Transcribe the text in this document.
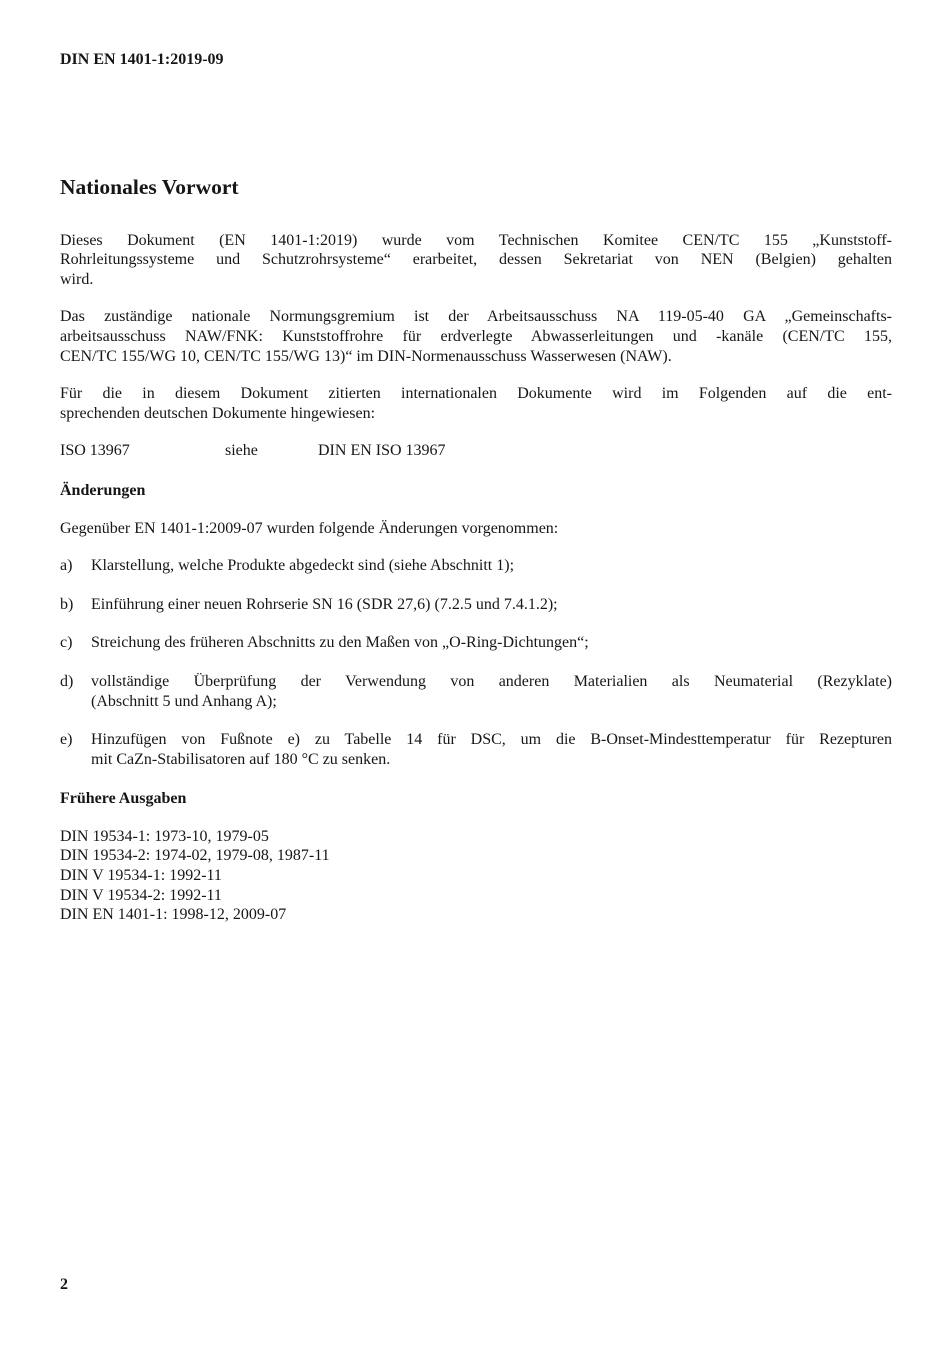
DIN EN 1401-1:2019-09
Nationales Vorwort
Dieses Dokument (EN 1401-1:2019) wurde vom Technischen Komitee CEN/TC 155 „Kunststoff-
Rohrleitungssysteme und Schutzrohrsysteme“ erarbeitet, dessen Sekretariat von NEN (Belgien) gehalten
wird.
Das zuständige nationale Normungsgremium ist der Arbeitsausschuss NA 119-05-40 GA „Gemeinschafts-
arbeitsausschuss NAW/FNK: Kunststoffrohre für erdverlegte Abwasserleitungen und -kanäle (CEN/TC 155,
CEN/TC 155/WG 10, CEN/TC 155/WG 13)“ im DIN-Normenausschuss Wasserwesen (NAW).
Für die in diesem Dokument zitierten internationalen Dokumente wird im Folgenden auf die ent-
sprechenden deutschen Dokumente hingewiesen:
ISO 13967	siehe	DIN EN ISO 13967
Änderungen

Gegenüber EN 1401-1:2009-07 wurden folgende Änderungen vorgenommen:

a)	Klarstellung, welche Produkte abgedeckt sind (siehe Abschnitt 1);
b)	Einführung einer neuen Rohrserie SN 16 (SDR 27,6) (7.2.5 und 7.4.1.2);
c)	Streichung des früheren Abschnitts zu den Maßen von „O-Ring-Dichtungen“;
d)	vollständige Überprüfung der Verwendung von anderen Materialien als Neumaterial (Rezyklate)
(Abschnitt 5 und Anhang A);
e)	Hinzufügen von Fußnote e) zu Tabelle 14 für DSC, um die B-Onset-Mindesttemperatur für Rezepturen
mit CaZn-Stabilisatoren auf 180 °C zu senken.
Frühere Ausgaben
DIN 19534-1: 1973-10, 1979-05
DIN 19534-2: 1974-02, 1979-08, 1987-11
DIN V 19534-1: 1992-11
DIN V 19534-2: 1992-11
DIN EN 1401-1: 1998-12, 2009-07
2
